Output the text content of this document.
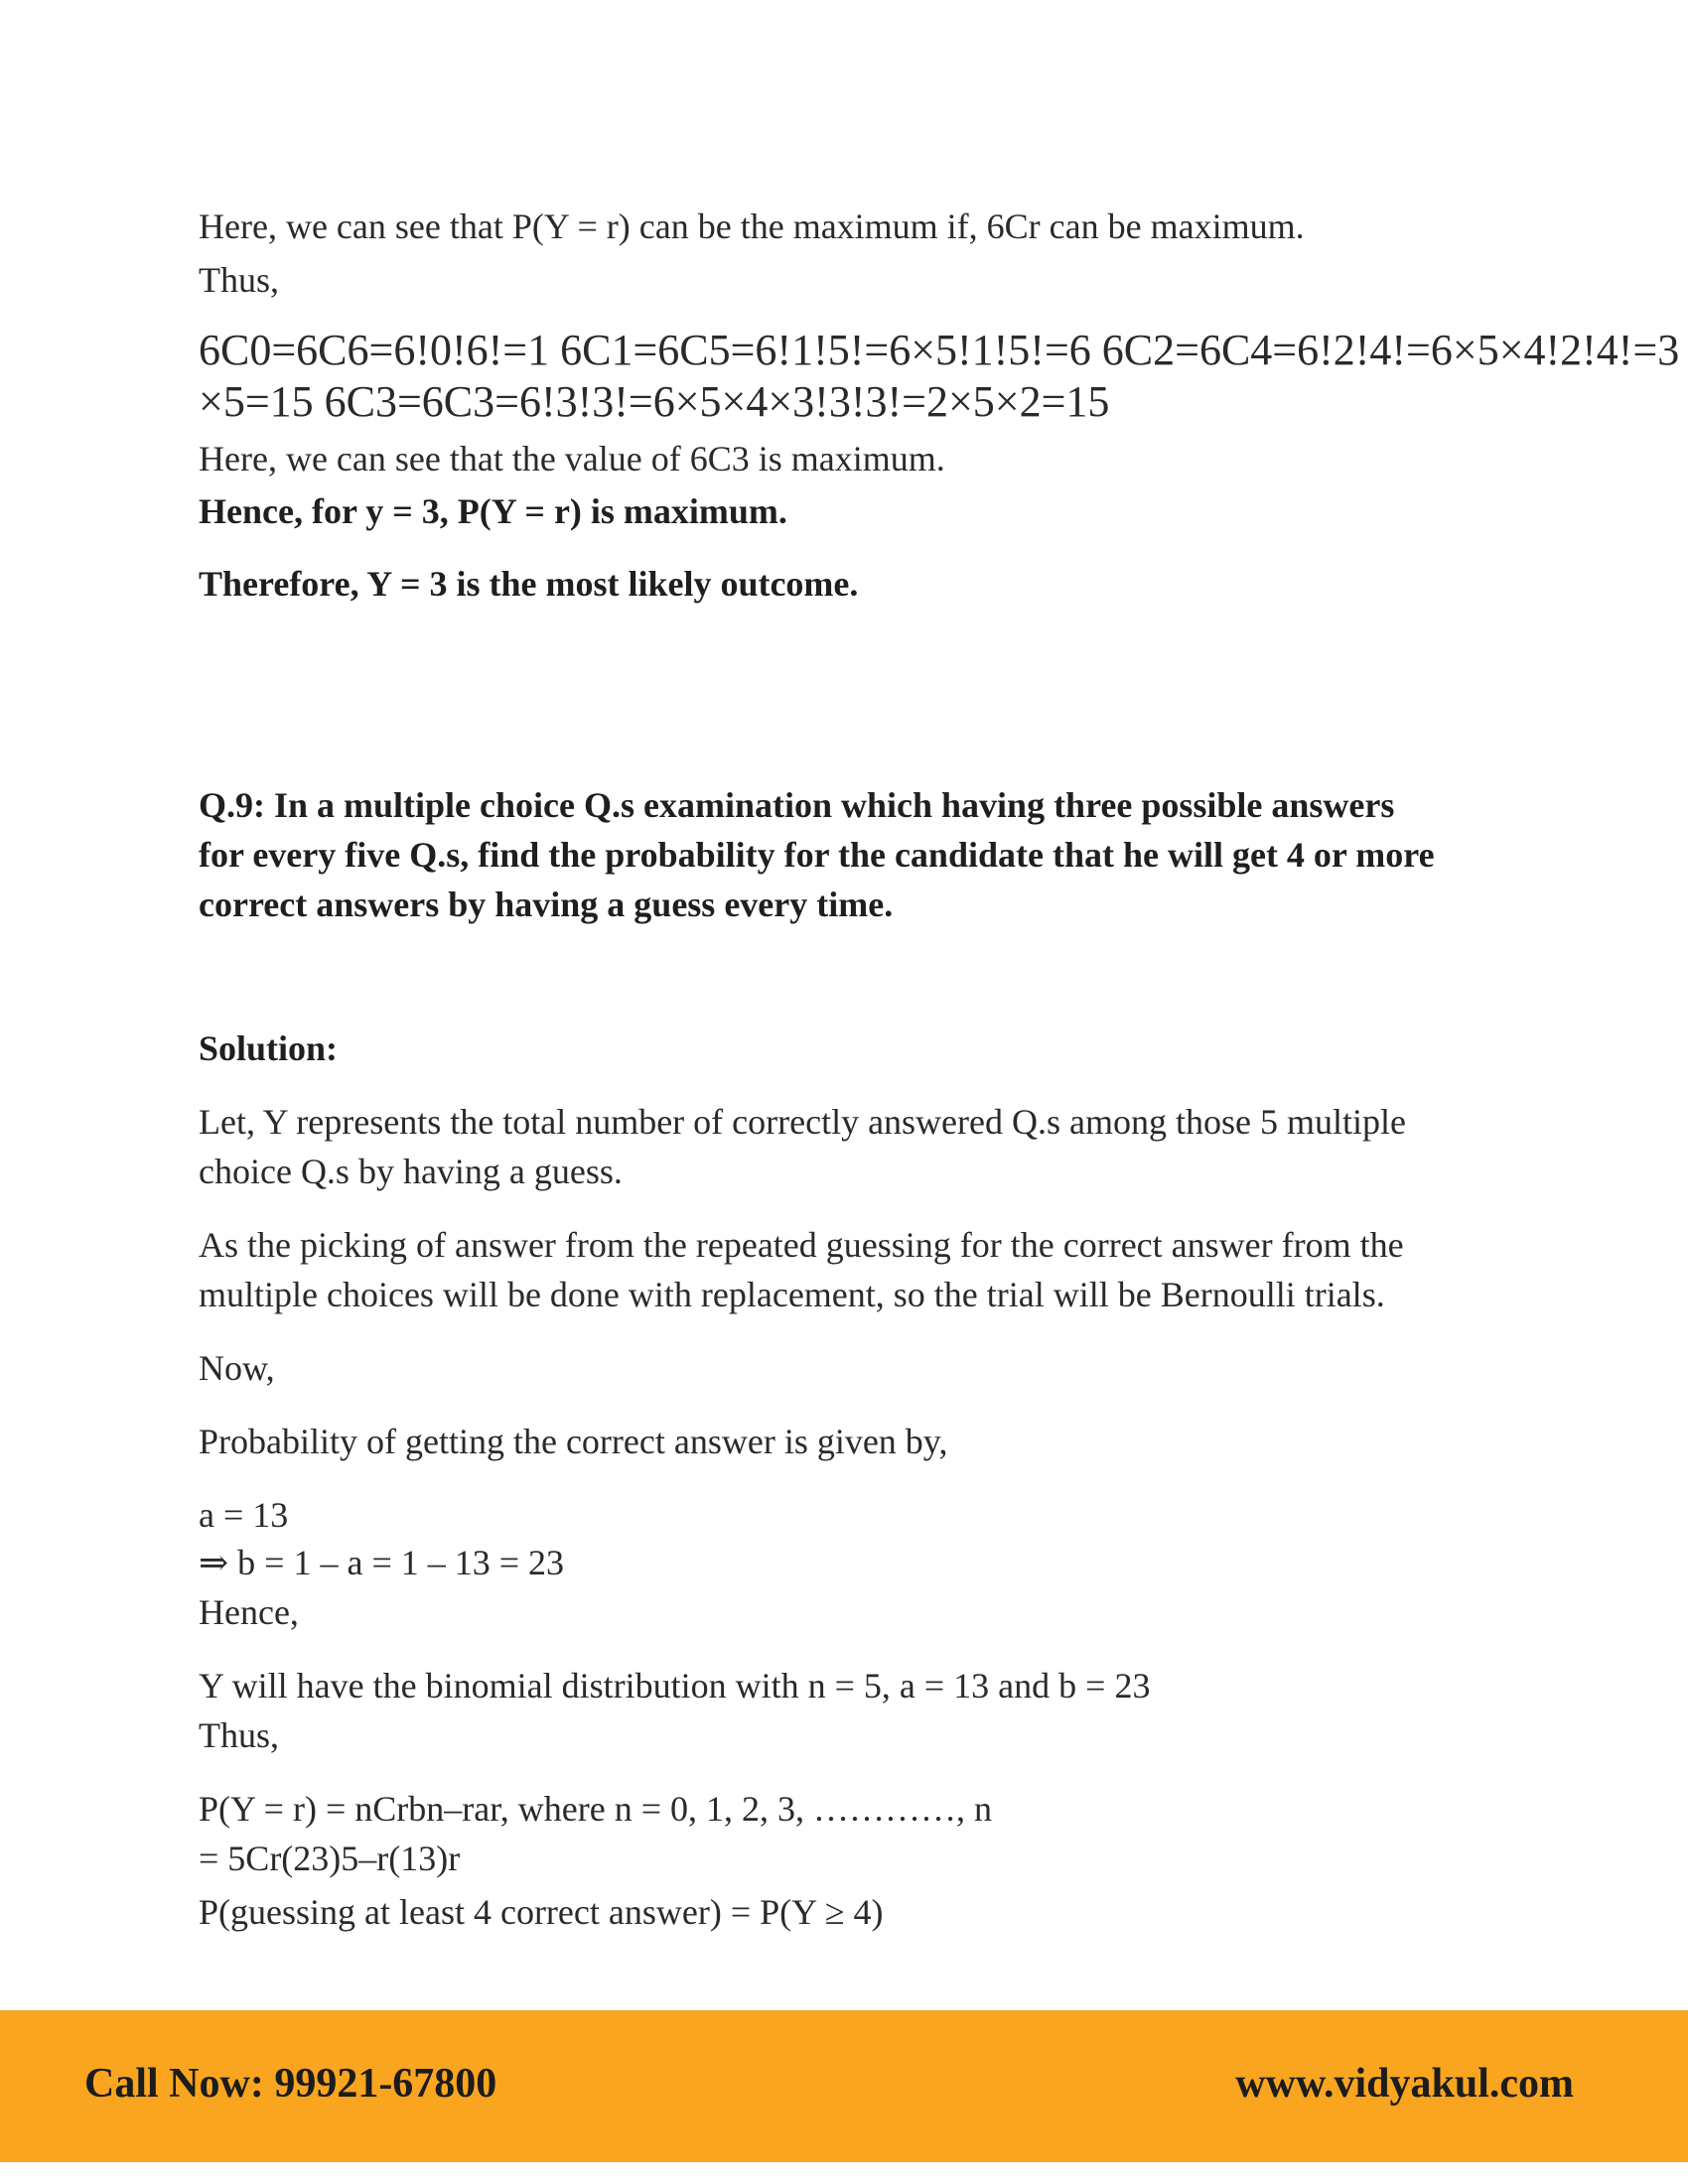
Here, we can see that P(Y = r) can be the maximum if, 6Cr can be maximum.
Thus,
6C0=6C6=6!0!6!=1 6C1=6C5=6!1!5!=6×5!1!5!=6 6C2=6C4=6!2!4!=6×5×4!2!4!=3
×5=15 6C3=6C3=6!3!3!=6×5×4×3!3!3!=2×5×2=15
Here, we can see that the value of 6C3 is maximum.
Hence, for y = 3, P(Y = r) is maximum.
Therefore, Y = 3 is the most likely outcome.
Q.9: In a multiple choice Q.s examination which having three possible answers
for every five Q.s, find the probability for the candidate that he will get 4 or more
correct answers by having a guess every time.
Solution:
Let, Y represents the total number of correctly answered Q.s among those 5 multiple
choice Q.s by having a guess.
As the picking of answer from the repeated guessing for the correct answer from the
multiple choices will be done with replacement, so the trial will be Bernoulli trials.
Now,
Probability of getting the correct answer is given by,
a = 13
⇒ b = 1 – a = 1 – 13 = 23
Hence,
Y will have the binomial distribution with n = 5, a = 13 and b = 23
Thus,
P(Y = r) = nCrbn–rar, where n = 0, 1, 2, 3, …………, n
= 5Cr(23)5–r(13)r
P(guessing at least 4 correct answer) = P(Y ≥ 4)
Call Now: 99921-67800	www.vidyakul.com
